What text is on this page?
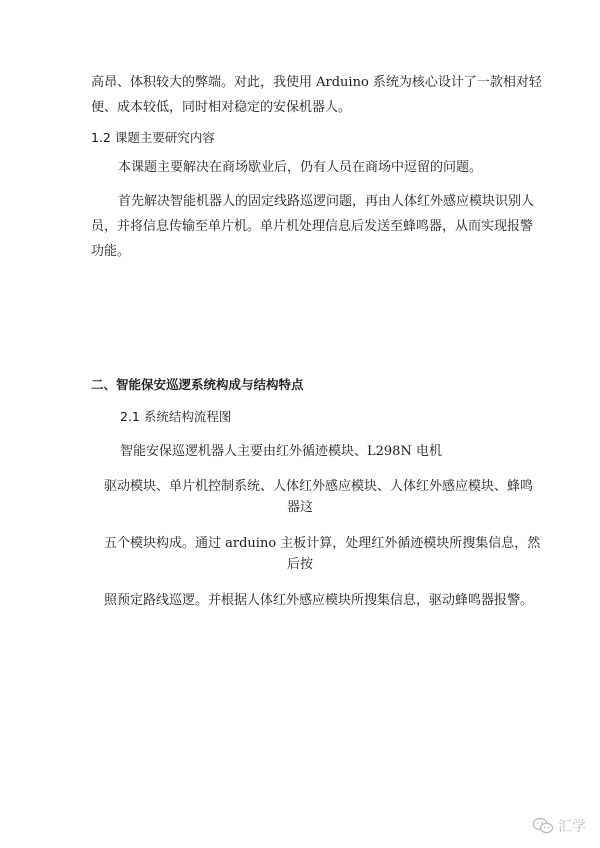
高昂、体积较大的弊端。对此，我使用 Arduino 系统为核心设计了一款相对轻
便、成本较低，同时相对稳定的安保机器人。
1.2 课题主要研究内容
本课题主要解决在商场歇业后，仍有人员在商场中逗留的问题。
首先解决智能机器人的固定线路巡逻问题，再由人体红外感应模块识别人
员，并将信息传输至单片机。单片机处理信息后发送至蜂鸣器，从而实现报警
功能。
二、智能保安巡逻系统构成与结构特点
2.1 系统结构流程图
智能安保巡逻机器人主要由红外循迹模块、L298N 电机
驱动模块、单片机控制系统、人体红外感应模块、人体红外感应模块、蜂鸣
器这
五个模块构成。通过 arduino 主板计算，处理红外循迹模块所搜集信息，然
后按
照预定路线巡逻。并根据人体红外感应模块所搜集信息，驱动蜂鸣器报警。
汇学
